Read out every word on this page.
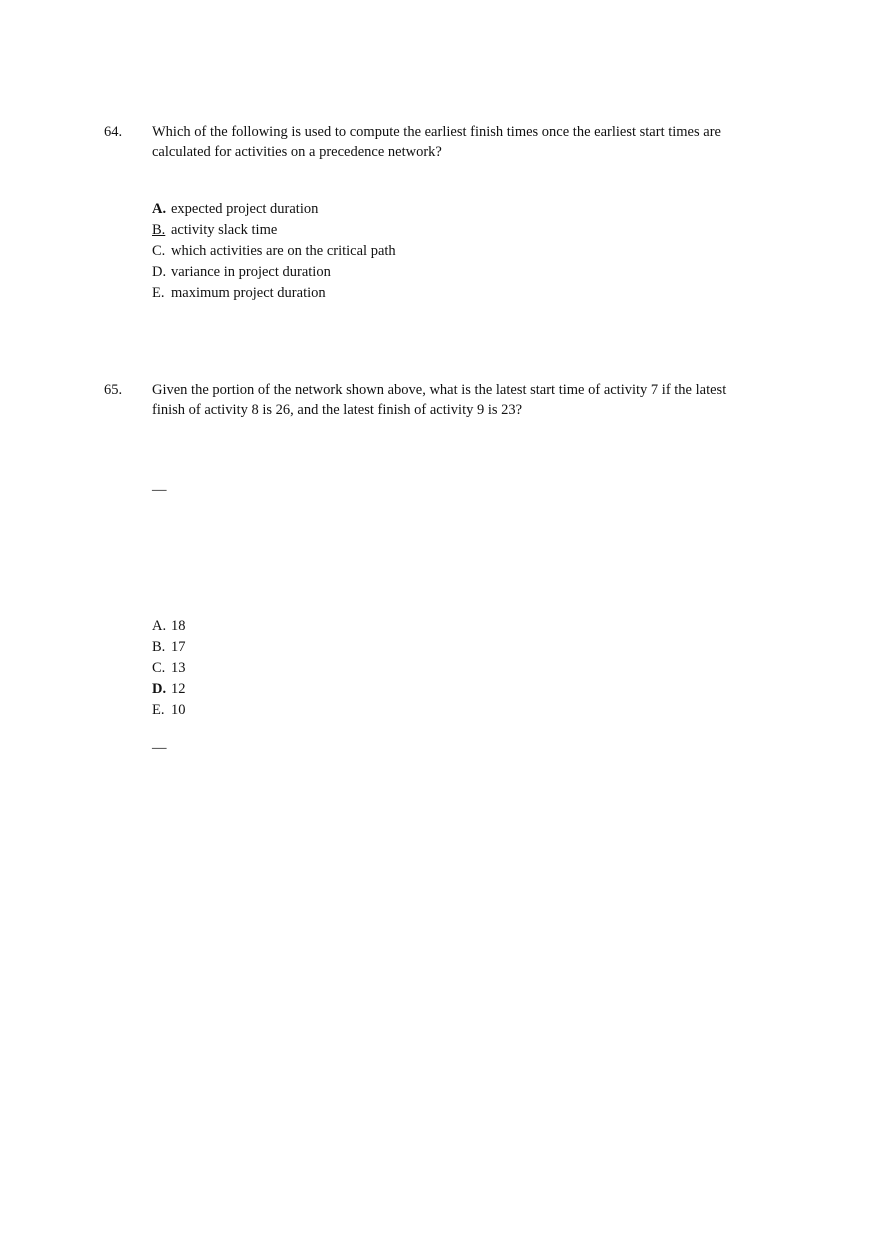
64. Which of the following is used to compute the earliest finish times once the earliest start times are calculated for activities on a precedence network?
A. expected project duration
B. activity slack time
C. which activities are on the critical path
D. variance in project duration
E. maximum project duration
65. Given the portion of the network shown above, what is the latest start time of activity 7 if the latest finish of activity 8 is 26, and the latest finish of activity 9 is 23?
—
A. 18
B. 17
C. 13
D. 12
E. 10
—
